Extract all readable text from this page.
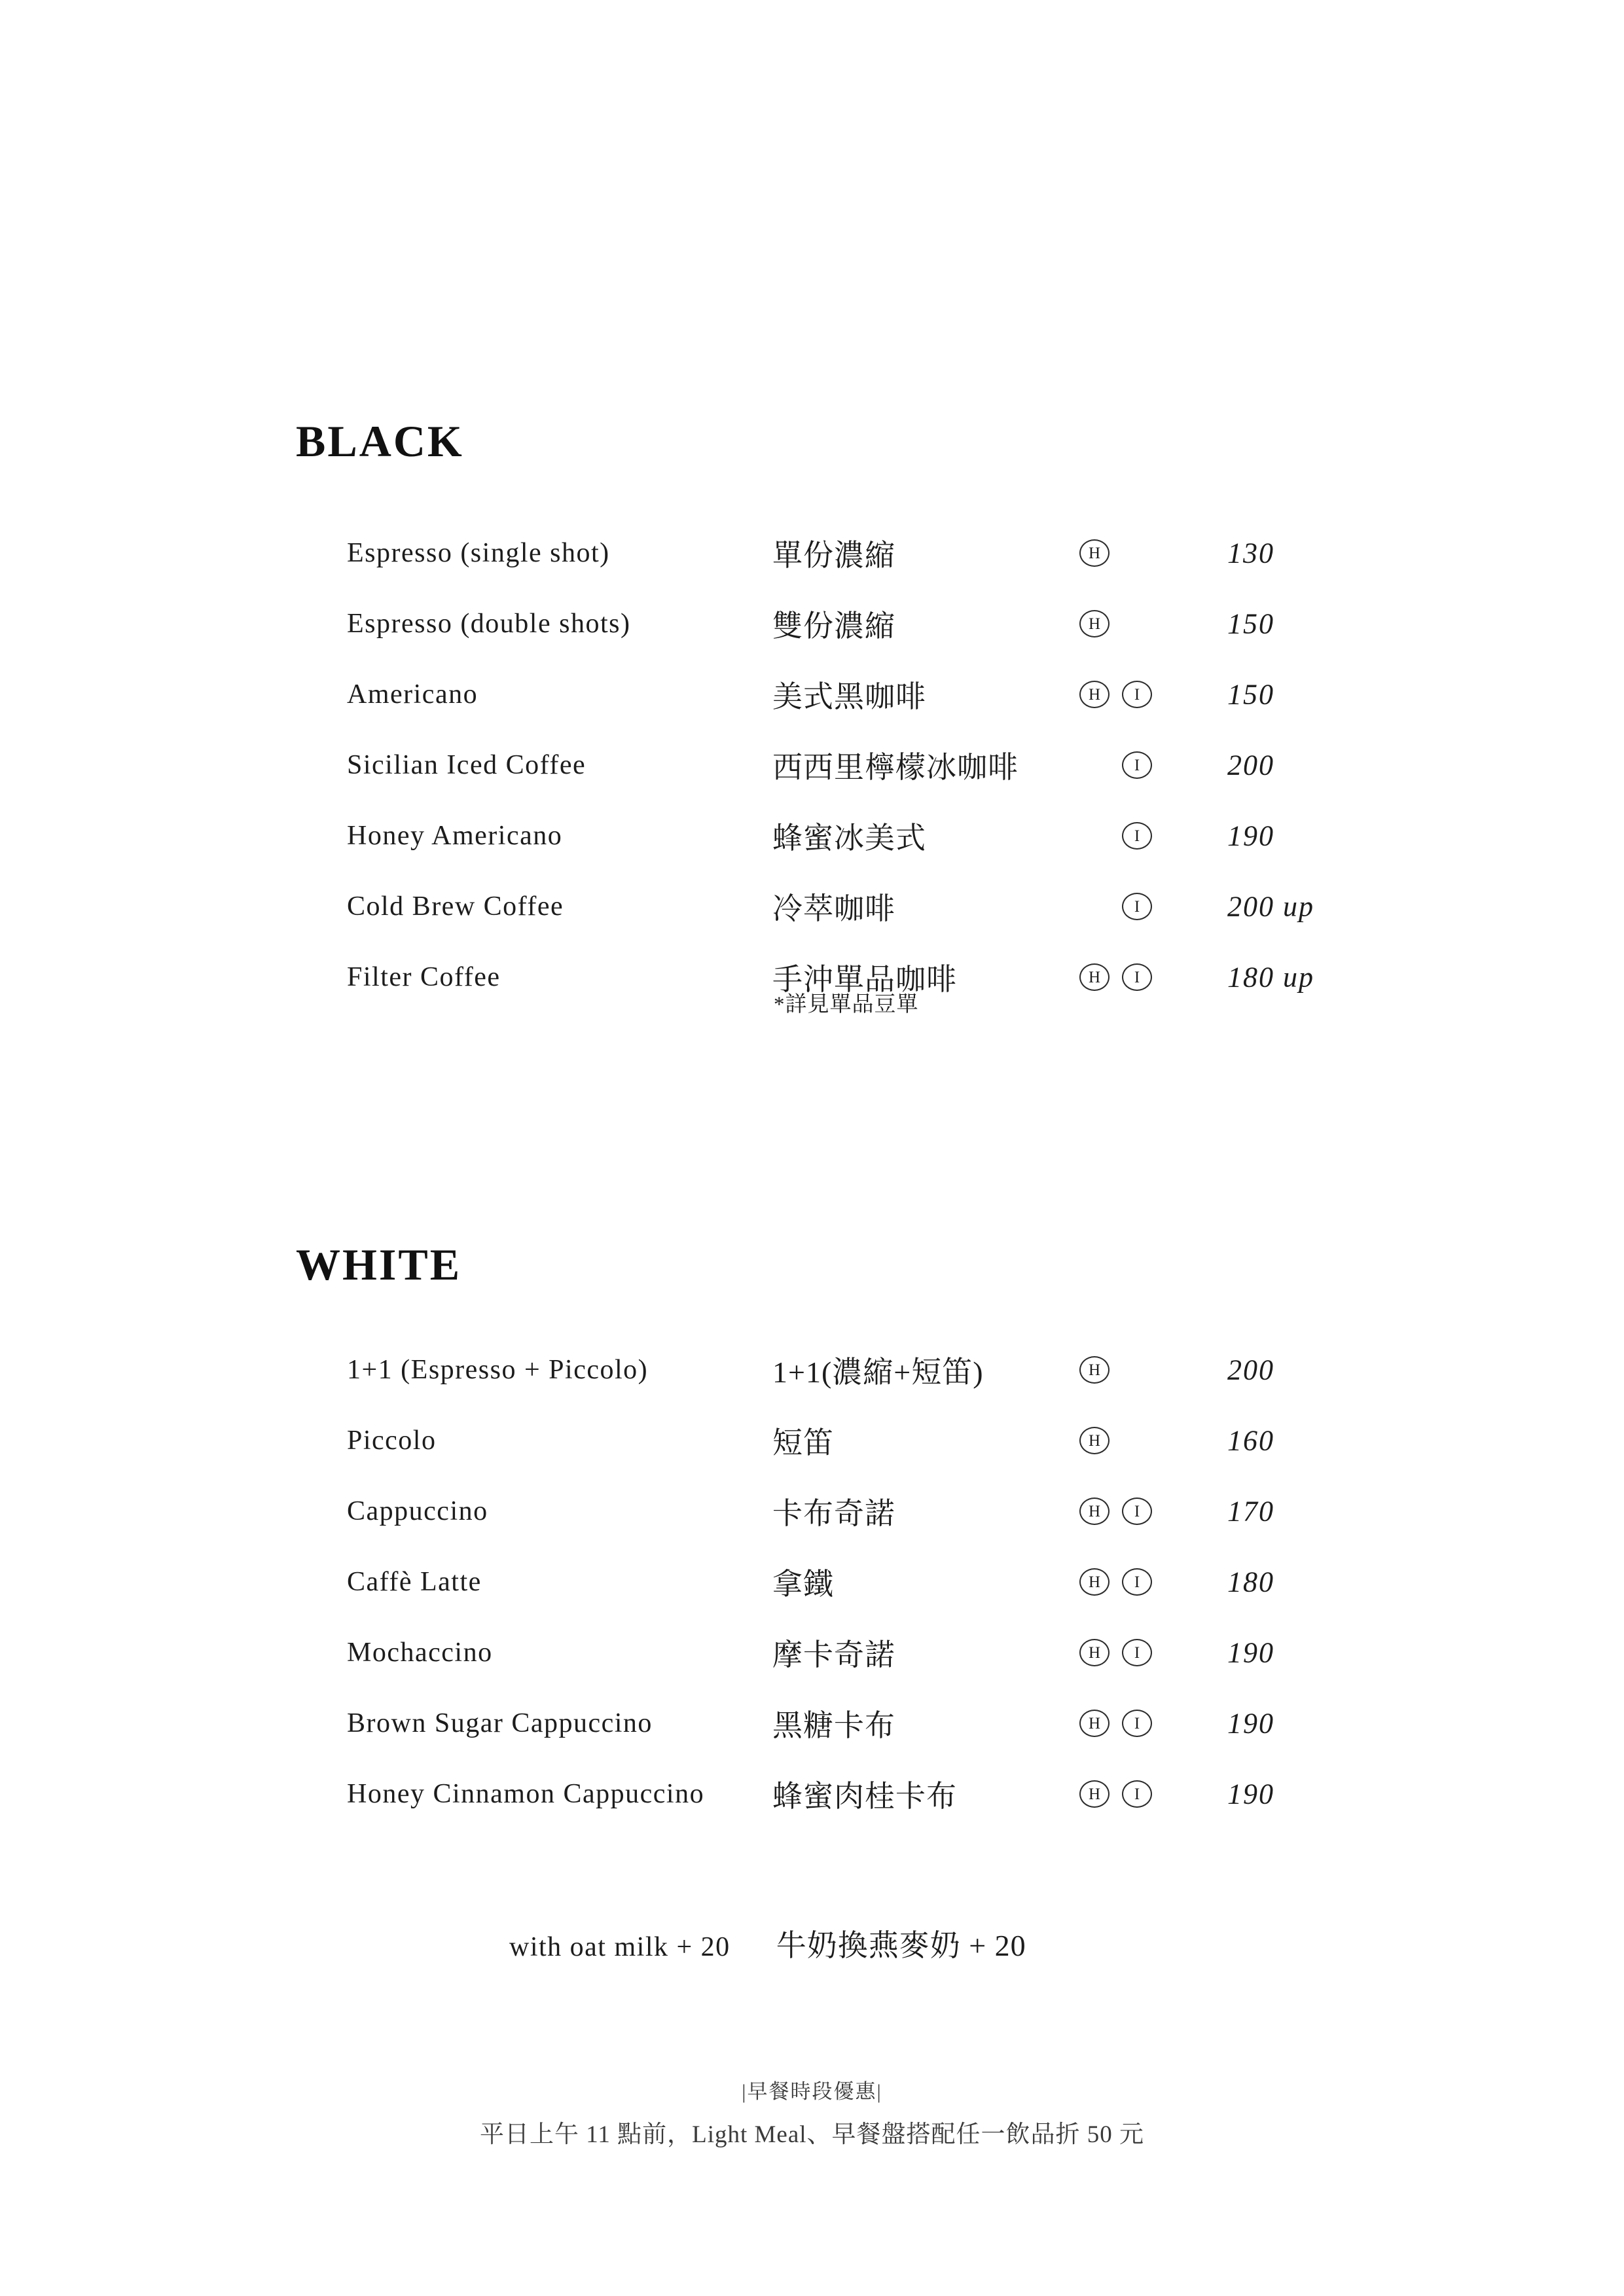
BLACK
Espresso (single shot)	單份濃縮	H	130
Espresso (double shots)	雙份濃縮	H	150
Americano	美式黑咖啡	H	I	150
Sicilian Iced Coffee	西西里檸檬冰咖啡	I	200
Honey Americano	蜂蜜冰美式	I	190
Cold Brew Coffee	冷萃咖啡	I	200 up
Filter Coffee	手沖單品咖啡	H	I	180 up
*詳見單品豆單
WHITE
1+1 (Espresso + Piccolo)	1+1(濃縮+短笛)	H	200
Piccolo	短笛	H	160
Cappuccino	卡布奇諾	H	I	170
Caffè Latte	拿鐵	H	I	180
Mochaccino	摩卡奇諾	H	I	190
Brown Sugar Cappuccino	黑糖卡布	H	I	190
Honey Cinnamon Cappuccino 蜂蜜肉桂卡布	H	I	190
with oat milk + 20 牛奶換燕麥奶 + 20
|早餐時段優惠|
平日上午 11 點前，Light Meal、早餐盤搭配任一飲品折 50 元
